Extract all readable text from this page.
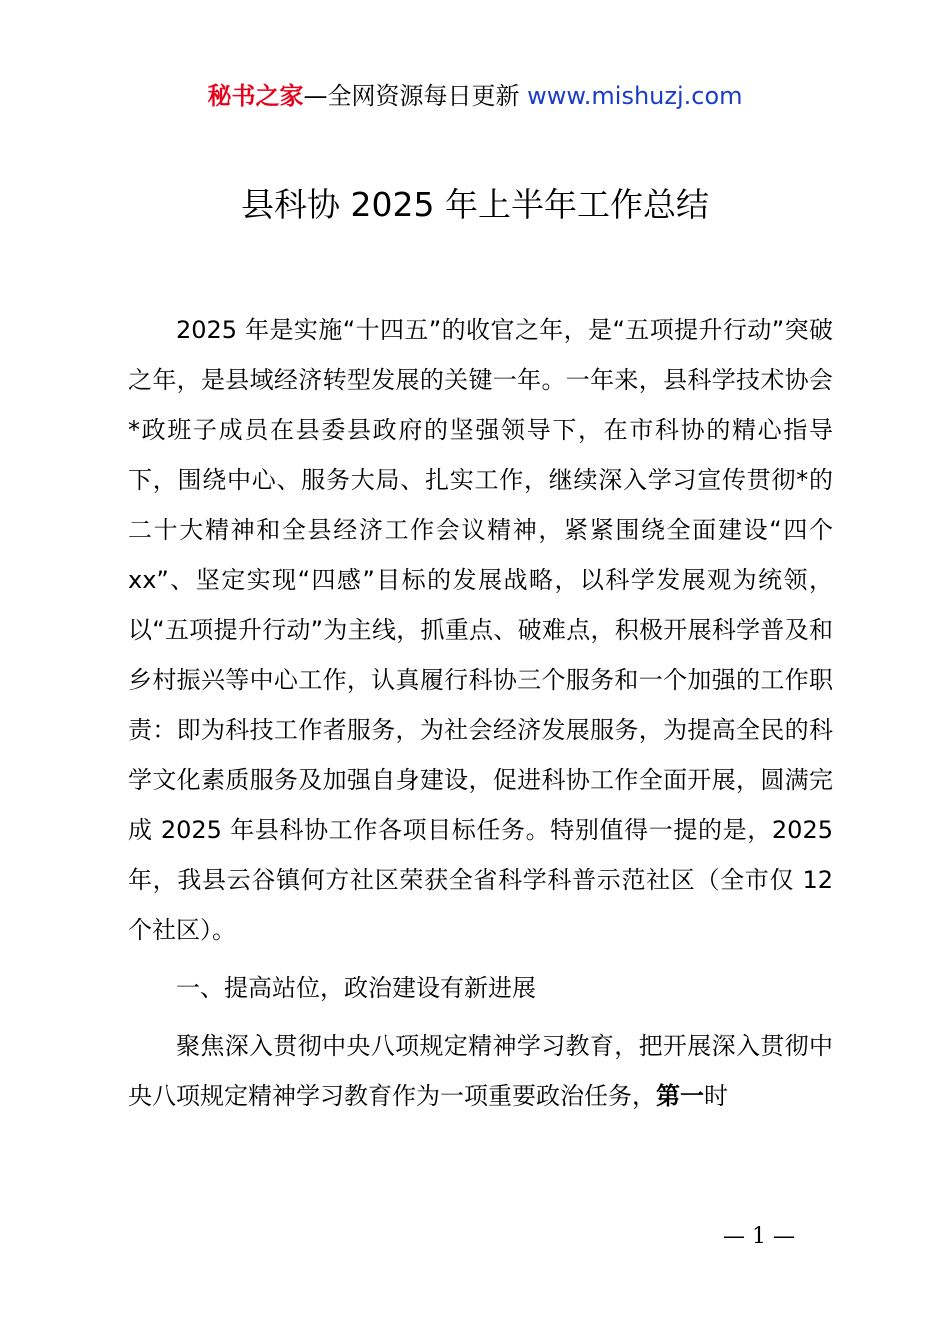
秘书之家—全网资源每日更新 www.mishuzj.com
县科协 2025 年上半年工作总结

2025 年是实施“十四五”的收官之年，是“五项提升行动”突破之年，是县域经济转型发展的关键一年。一年来，县科学技术协会*政班子成员在县委县政府的坚强领导下，在市科协的精心指导下，围绕中心、服务大局、扎实工作，继续深入学习宣传贯彻*的二十大精神和全县经济工作会议精神，紧紧围绕全面建设“四个 xx”、坚定实现“四感”目标的发展战略，以科学发展观为统领，以“五项提升行动”为主线，抓重点、破难点，积极开展科学普及和乡村振兴等中心工作，认真履行科协三个服务和一个加强的工作职责：即为科技工作者服务，为社会经济发展服务，为提高全民的科学文化素质服务及加强自身建设，促进科协工作全面开展，圆满完成 2025 年县科协工作各项目标任务。特别值得一提的是，2025 年，我县云谷镇何方社区荣获全省科学科普示范社区（全市仅 12 个社区）。

一、提高站位，政治建设有新进展

聚焦深入贯彻中央八项规定精神学习教育，把开展深入贯彻中央八项规定精神学习教育作为一项重要政治任务，第一时

— 1 —
